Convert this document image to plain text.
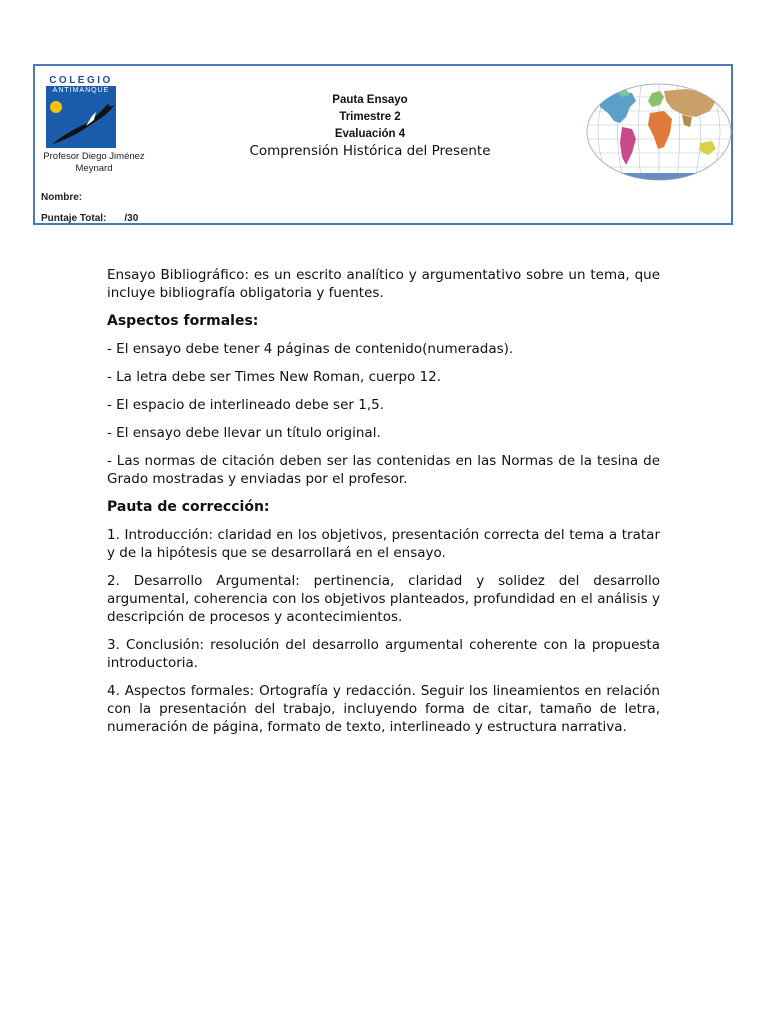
COLEGIO
ANTIMANQUE
Profesor Diego Jiménez Meynard
Pauta Ensayo
Trimestre 2
Evaluación 4
Comprensión Histórica del Presente
Nombre:
Puntaje Total: /30

Ensayo Bibliográfico: es un escrito analítico y argumentativo sobre un tema, que incluye bibliografía obligatoria y fuentes.

Aspectos formales:

- El ensayo debe tener 4 páginas de contenido(numeradas).

- La letra debe ser Times New Roman, cuerpo 12.

- El espacio de interlineado debe ser 1,5.

- El ensayo debe llevar un título original.

- Las normas de citación deben ser las contenidas en las Normas de la tesina de Grado mostradas y enviadas por el profesor.

Pauta de corrección:

1. Introducción: claridad en los objetivos, presentación correcta del tema a tratar y de la hipótesis que se desarrollará en el ensayo.

2. Desarrollo Argumental: pertinencia, claridad y solidez del desarrollo argumental, coherencia con los objetivos planteados, profundidad en el análisis y descripción de procesos y acontecimientos.

3. Conclusión: resolución del desarrollo argumental coherente con la propuesta introductoria.

4. Aspectos formales: Ortografía y redacción. Seguir los lineamientos en relación con la presentación del trabajo, incluyendo forma de citar, tamaño de letra, numeración de página, formato de texto, interlineado y estructura narrativa.
